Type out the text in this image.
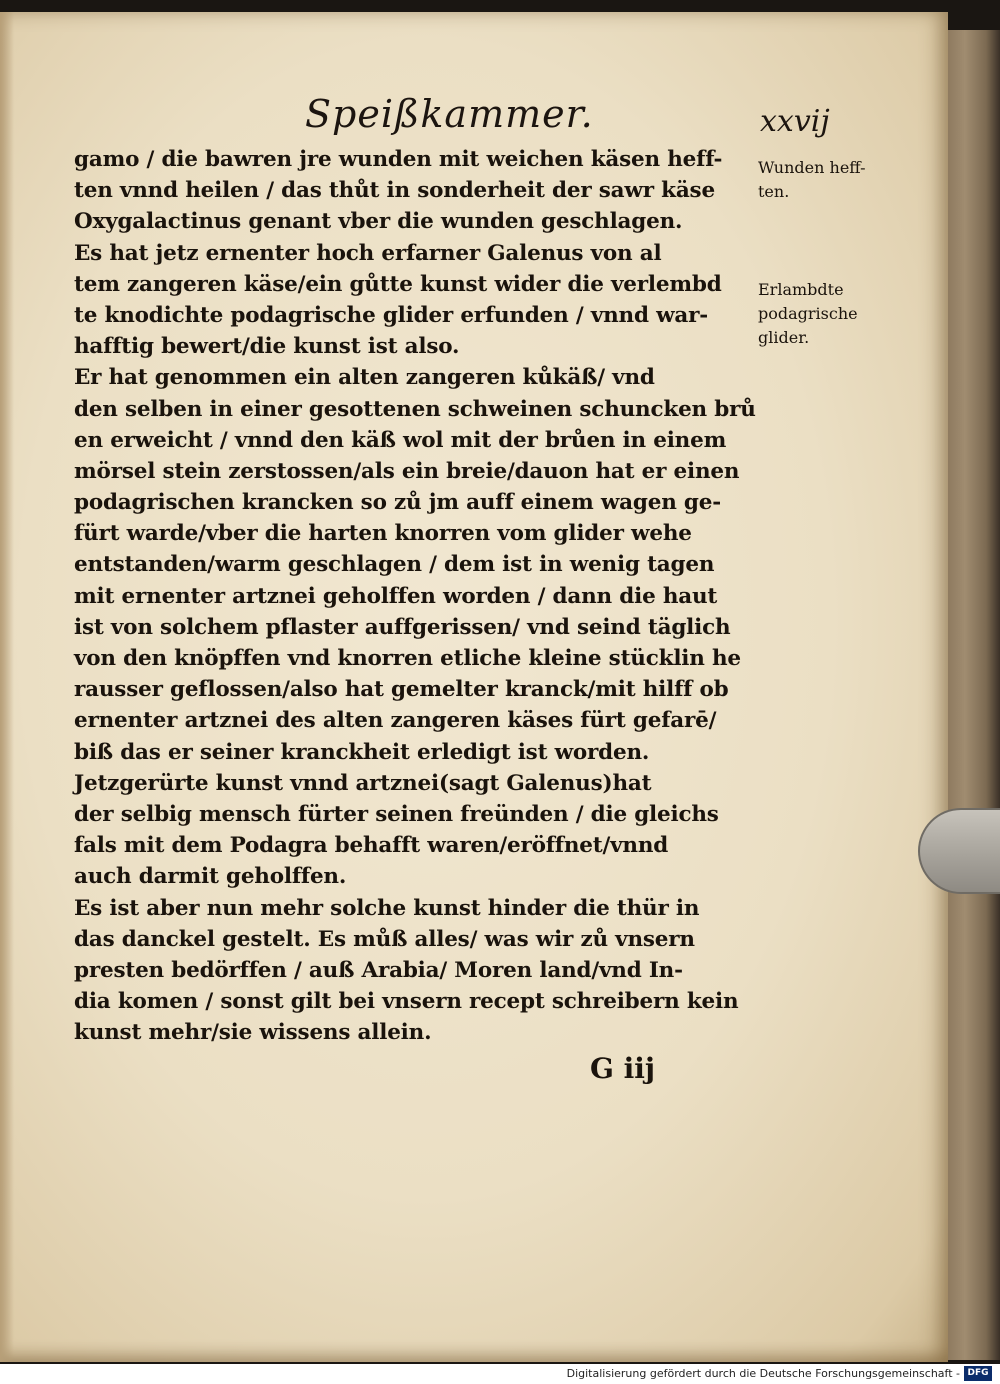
Speißkammer.	xxvij
gamo / die bawren jre wunden mit weichen käsen heff-
ten vnnd heilen / das thůt in sonderheit der sawr käse
Oxygalactinus genant vber die wunden geschlagen.
Es hat jetz ernenter hoch erfarner Galenus von al
tem zangeren käse/ein gůtte kunst wider die verlembd
te knodichte podagrische glider erfunden / vnnd war-
hafftig bewert/die kunst ist also.
Er hat genommen ein alten zangeren kůkäß/ vnd
den selben in einer gesottenen schweinen schuncken brů
en erweicht / vnnd den käß wol mit der brůen in einem
mörsel stein zerstossen/als ein breie/dauon hat er einen
podagrischen krancken so zů jm auff einem wagen ge-
fürt warde/vber die harten knorren vom glider wehe
entstanden/warm geschlagen / dem ist in wenig tagen
mit ernenter artznei geholffen worden / dann die haut
ist von solchem pflaster auffgerissen/ vnd seind täglich
von den knöpffen vnd knorren etliche kleine stücklin he
rausser geflossen/also hat gemelter kranck/mit hilff ob
ernenter artznei des alten zangeren käses fürt gefarē/
biß das er seiner kranckheit erledigt ist worden.
Jetzgerürte kunst vnnd artznei(sagt Galenus)hat
der selbig mensch fürter seinen freünden / die gleichs
fals mit dem Podagra behafft waren/eröffnet/vnnd
auch darmit geholffen.
Es ist aber nun mehr solche kunst hinder die thür in
das danckel gestelt. Es můß alles/ was wir zů vnsern
presten bedörffen / auß Arabia/ Moren land/vnd In-
dia komen / sonst gilt bei vnsern recept schreibern kein
kunst mehr/sie wissens allein.
Wunden heff-
ten.
Erlambdte
podagrische
glider.
G iij
Digitalisierung gefördert durch die Deutsche Forschungsgemeinschaft - DFG
